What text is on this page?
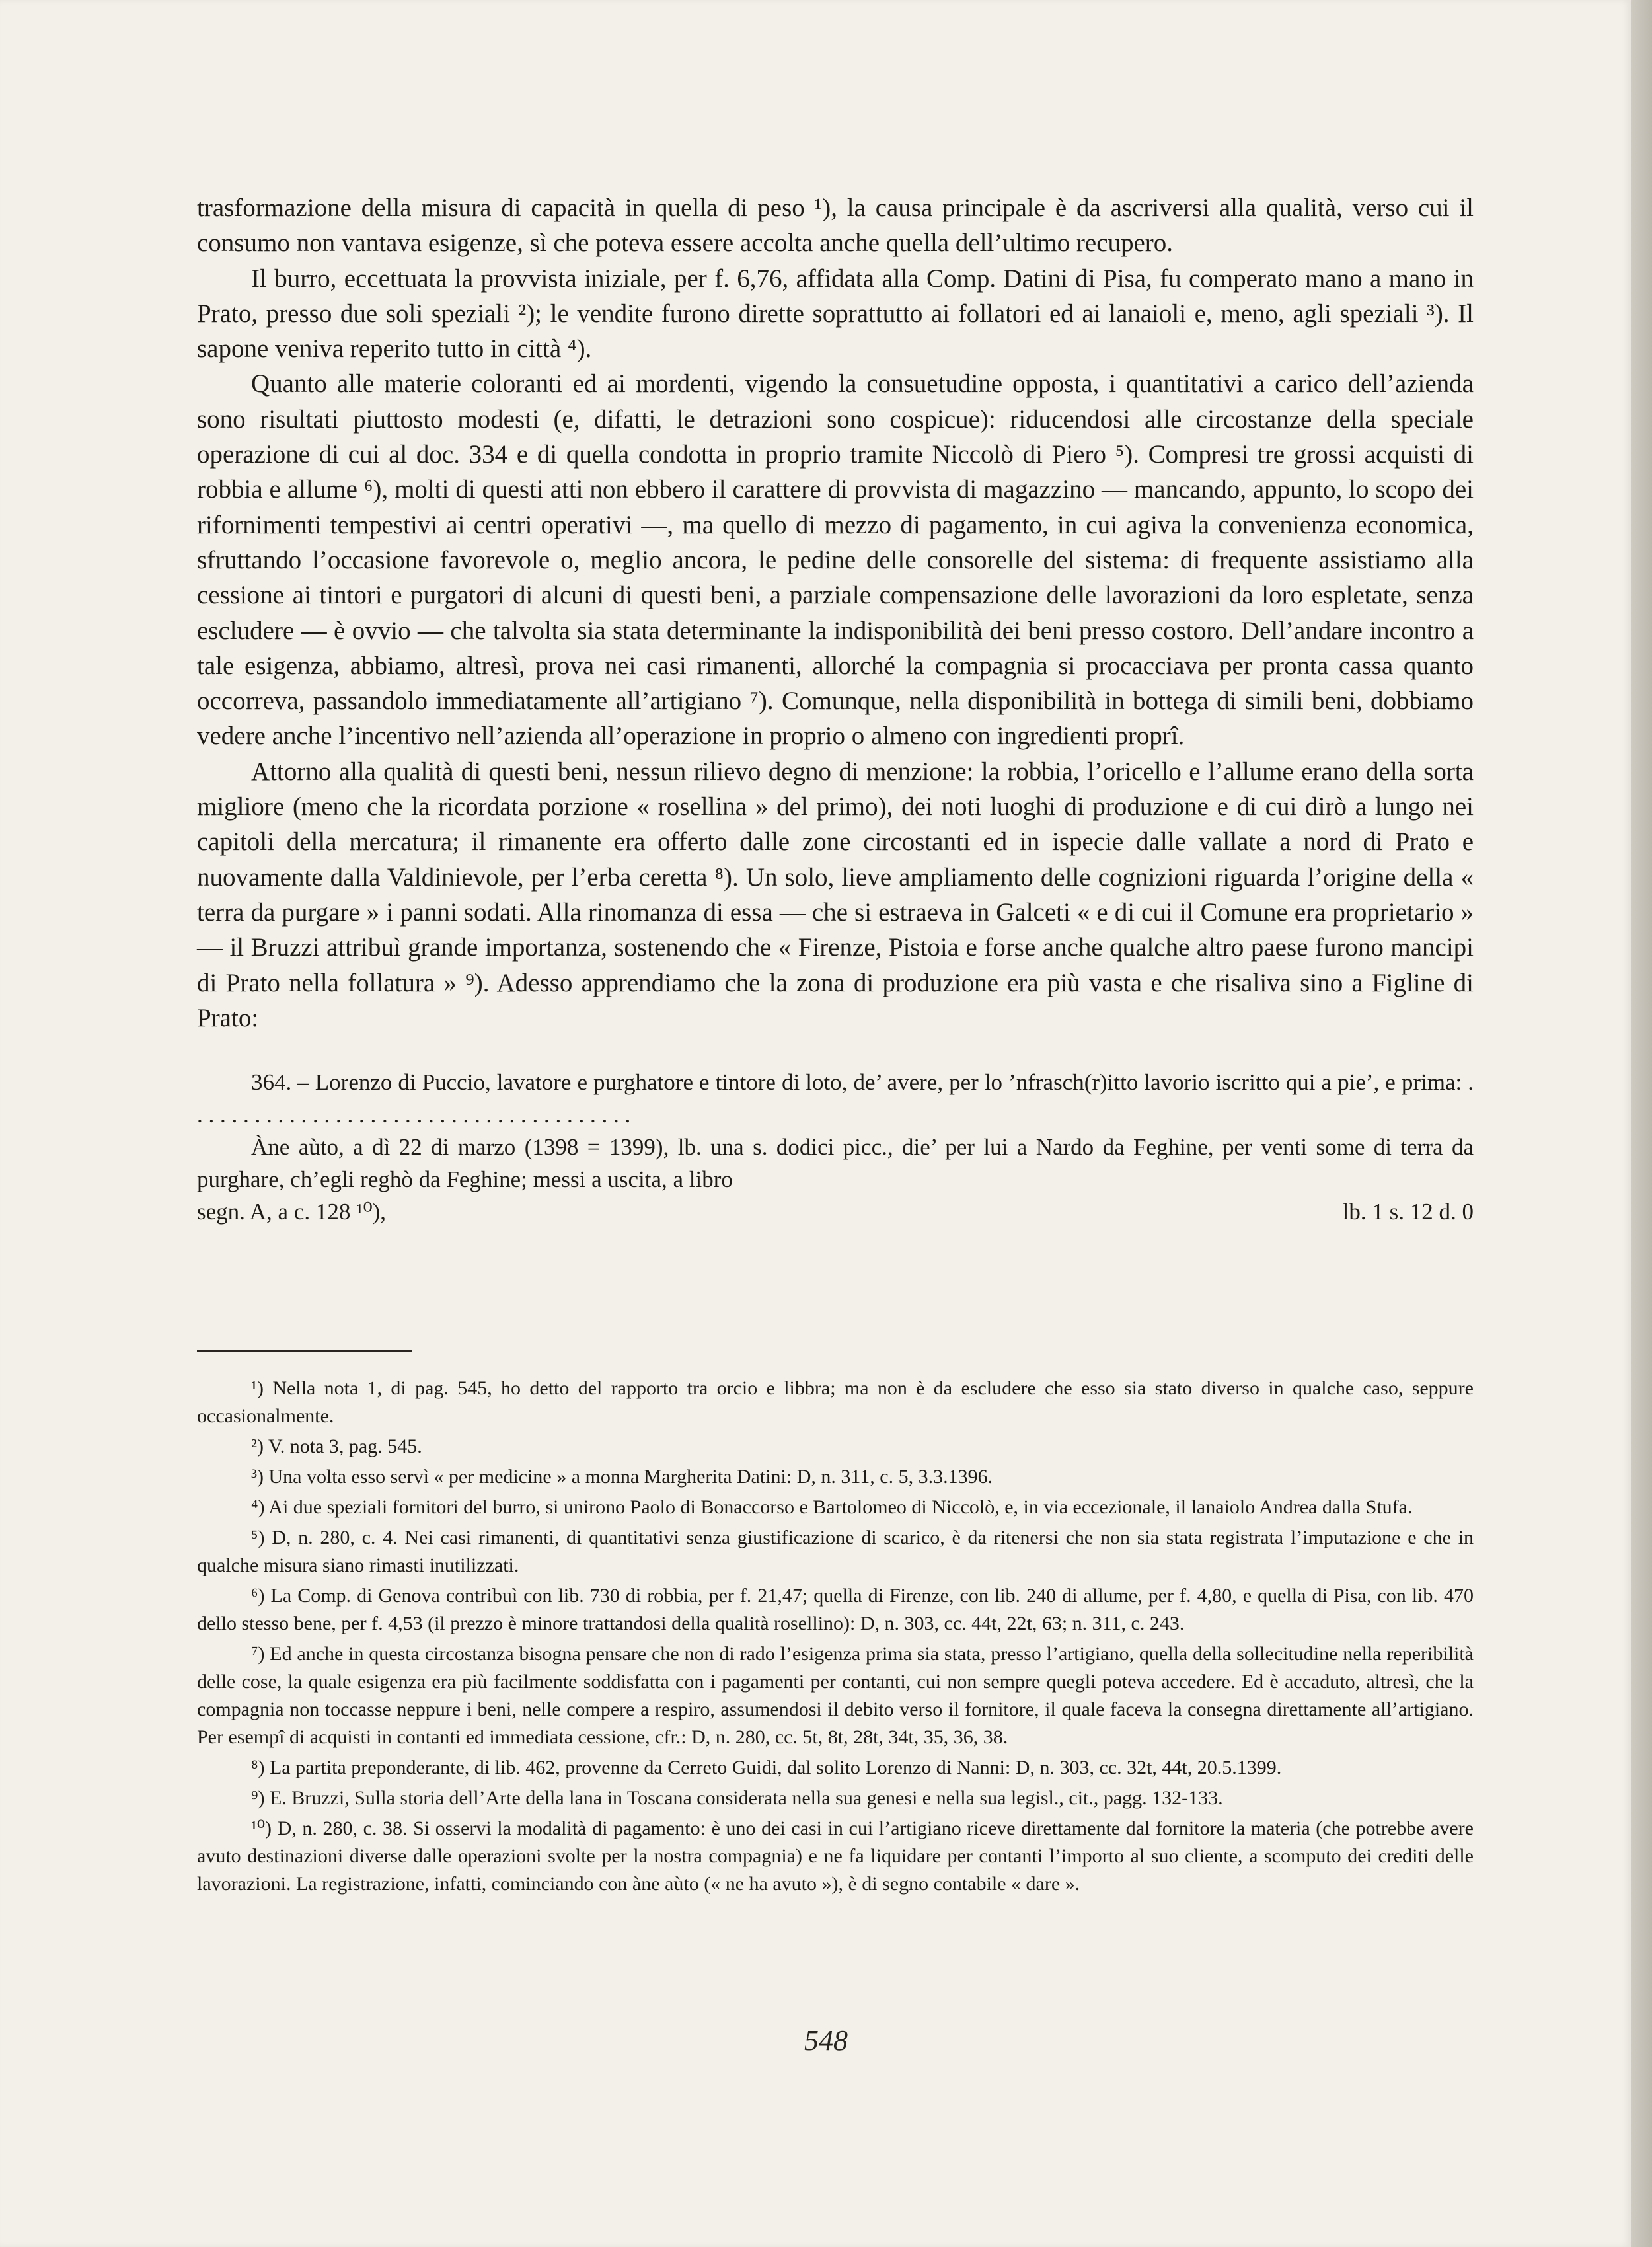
trasformazione della misura di capacità in quella di peso ¹), la causa principale è da ascriversi alla qualità, verso cui il consumo non vantava esigenze, sì che poteva essere accolta anche quella dell’ultimo recupero.

Il burro, eccettuata la provvista iniziale, per f. 6,76, affidata alla Comp. Datini di Pisa, fu comperato mano a mano in Prato, presso due soli speziali ²); le vendite furono dirette soprattutto ai follatori ed ai lanaioli e, meno, agli speziali ³). Il sapone veniva reperito tutto in città ⁴).

Quanto alle materie coloranti ed ai mordenti, vigendo la consuetudine opposta, i quantitativi a carico dell’azienda sono risultati piuttosto modesti (e, difatti, le detrazioni sono cospicue): riducendosi alle circostanze della speciale operazione di cui al doc. 334 e di quella condotta in proprio tramite Niccolò di Piero ⁵). Compresi tre grossi acquisti di robbia e allume ⁶), molti di questi atti non ebbero il carattere di provvista di magazzino — mancando, appunto, lo scopo dei rifornimenti tempestivi ai centri operativi —, ma quello di mezzo di pagamento, in cui agiva la convenienza economica, sfruttando l’occasione favorevole o, meglio ancora, le pedine delle consorelle del sistema: di frequente assistiamo alla cessione ai tintori e purgatori di alcuni di questi beni, a parziale compensazione delle lavorazioni da loro espletate, senza escludere — è ovvio — che talvolta sia stata determinante la indisponibilità dei beni presso costoro. Dell’andare incontro a tale esigenza, abbiamo, altresì, prova nei casi rimanenti, allorché la compagnia si procacciava per pronta cassa quanto occorreva, passandolo immediatamente all’artigiano ⁷). Comunque, nella disponibilità in bottega di simili beni, dobbiamo vedere anche l’incentivo nell’azienda all’operazione in proprio o almeno con ingredienti proprî.

Attorno alla qualità di questi beni, nessun rilievo degno di menzione: la robbia, l’oricello e l’allume erano della sorta migliore (meno che la ricordata porzione « rosellina » del primo), dei noti luoghi di produzione e di cui dirò a lungo nei capitoli della mercatura; il rimanente era offerto dalle zone circostanti ed in ispecie dalle vallate a nord di Prato e nuovamente dalla Valdinievole, per l’erba ceretta ⁸). Un solo, lieve ampliamento delle cognizioni riguarda l’origine della « terra da purgare » i panni sodati. Alla rinomanza di essa — che si estraeva in Galceti « e di cui il Comune era proprietario » — il Bruzzi attribuì grande importanza, sostenendo che « Firenze, Pistoia e forse anche qualche altro paese furono mancipi di Prato nella follatura » ⁹). Adesso apprendiamo che la zona di produzione era più vasta e che risaliva sino a Figline di Prato:

364. – Lorenzo di Puccio, lavatore e purghatore e tintore di loto, de’ avere, per lo ’nfrasch(r)itto lavorio iscritto qui a pie’, e prima: . . . . . . . . . . . . . . . . . . . . . . . . . . . . . . . . . . . . . . .

Àne aùto, a dì 22 di marzo (1398 = 1399), lb. una s. dodici picc., die’ per lui a Nardo da Feghine, per venti some di terra da purghare, ch’egli reghò da Feghine; messi a uscita, a libro

segn. A, a c. 128 ¹⁰),	lb. 1 s. 12 d. 0

¹) Nella nota 1, di pag. 545, ho detto del rapporto tra orcio e libbra; ma non è da escludere che esso sia stato diverso in qualche caso, seppure occasionalmente.

²) V. nota 3, pag. 545.

³) Una volta esso servì « per medicine » a monna Margherita Datini: D, n. 311, c. 5, 3.3.1396.

⁴) Ai due speziali fornitori del burro, si unirono Paolo di Bonaccorso e Bartolomeo di Niccolò, e, in via eccezionale, il lanaiolo Andrea dalla Stufa.

⁵) D, n. 280, c. 4. Nei casi rimanenti, di quantitativi senza giustificazione di scarico, è da ritenersi che non sia stata registrata l’imputazione e che in qualche misura siano rimasti inutilizzati.

⁶) La Comp. di Genova contribuì con lib. 730 di robbia, per f. 21,47; quella di Firenze, con lib. 240 di allume, per f. 4,80, e quella di Pisa, con lib. 470 dello stesso bene, per f. 4,53 (il prezzo è minore trattandosi della qualità rosellino): D, n. 303, cc. 44t, 22t, 63; n. 311, c. 243.

⁷) Ed anche in questa circostanza bisogna pensare che non di rado l’esigenza prima sia stata, presso l’artigiano, quella della sollecitudine nella reperibilità delle cose, la quale esigenza era più facilmente soddisfatta con i pagamenti per contanti, cui non sempre quegli poteva accedere. Ed è accaduto, altresì, che la compagnia non toccasse neppure i beni, nelle compere a respiro, assumendosi il debito verso il fornitore, il quale faceva la consegna direttamente all’artigiano. Per esempî di acquisti in contanti ed immediata cessione, cfr.: D, n. 280, cc. 5t, 8t, 28t, 34t, 35, 36, 38.

⁸) La partita preponderante, di lib. 462, provenne da Cerreto Guidi, dal solito Lorenzo di Nanni: D, n. 303, cc. 32t, 44t, 20.5.1399.

⁹) E. Bruzzi, Sulla storia dell’Arte della lana in Toscana considerata nella sua genesi e nella sua legisl., cit., pagg. 132-133.

¹⁰) D, n. 280, c. 38. Si osservi la modalità di pagamento: è uno dei casi in cui l’artigiano riceve direttamente dal fornitore la materia (che potrebbe avere avuto destinazioni diverse dalle operazioni svolte per la nostra compagnia) e ne fa liquidare per contanti l’importo al suo cliente, a scomputo dei crediti delle lavorazioni. La registrazione, infatti, cominciando con àne aùto (« ne ha avuto »), è di segno contabile « dare ».

548
